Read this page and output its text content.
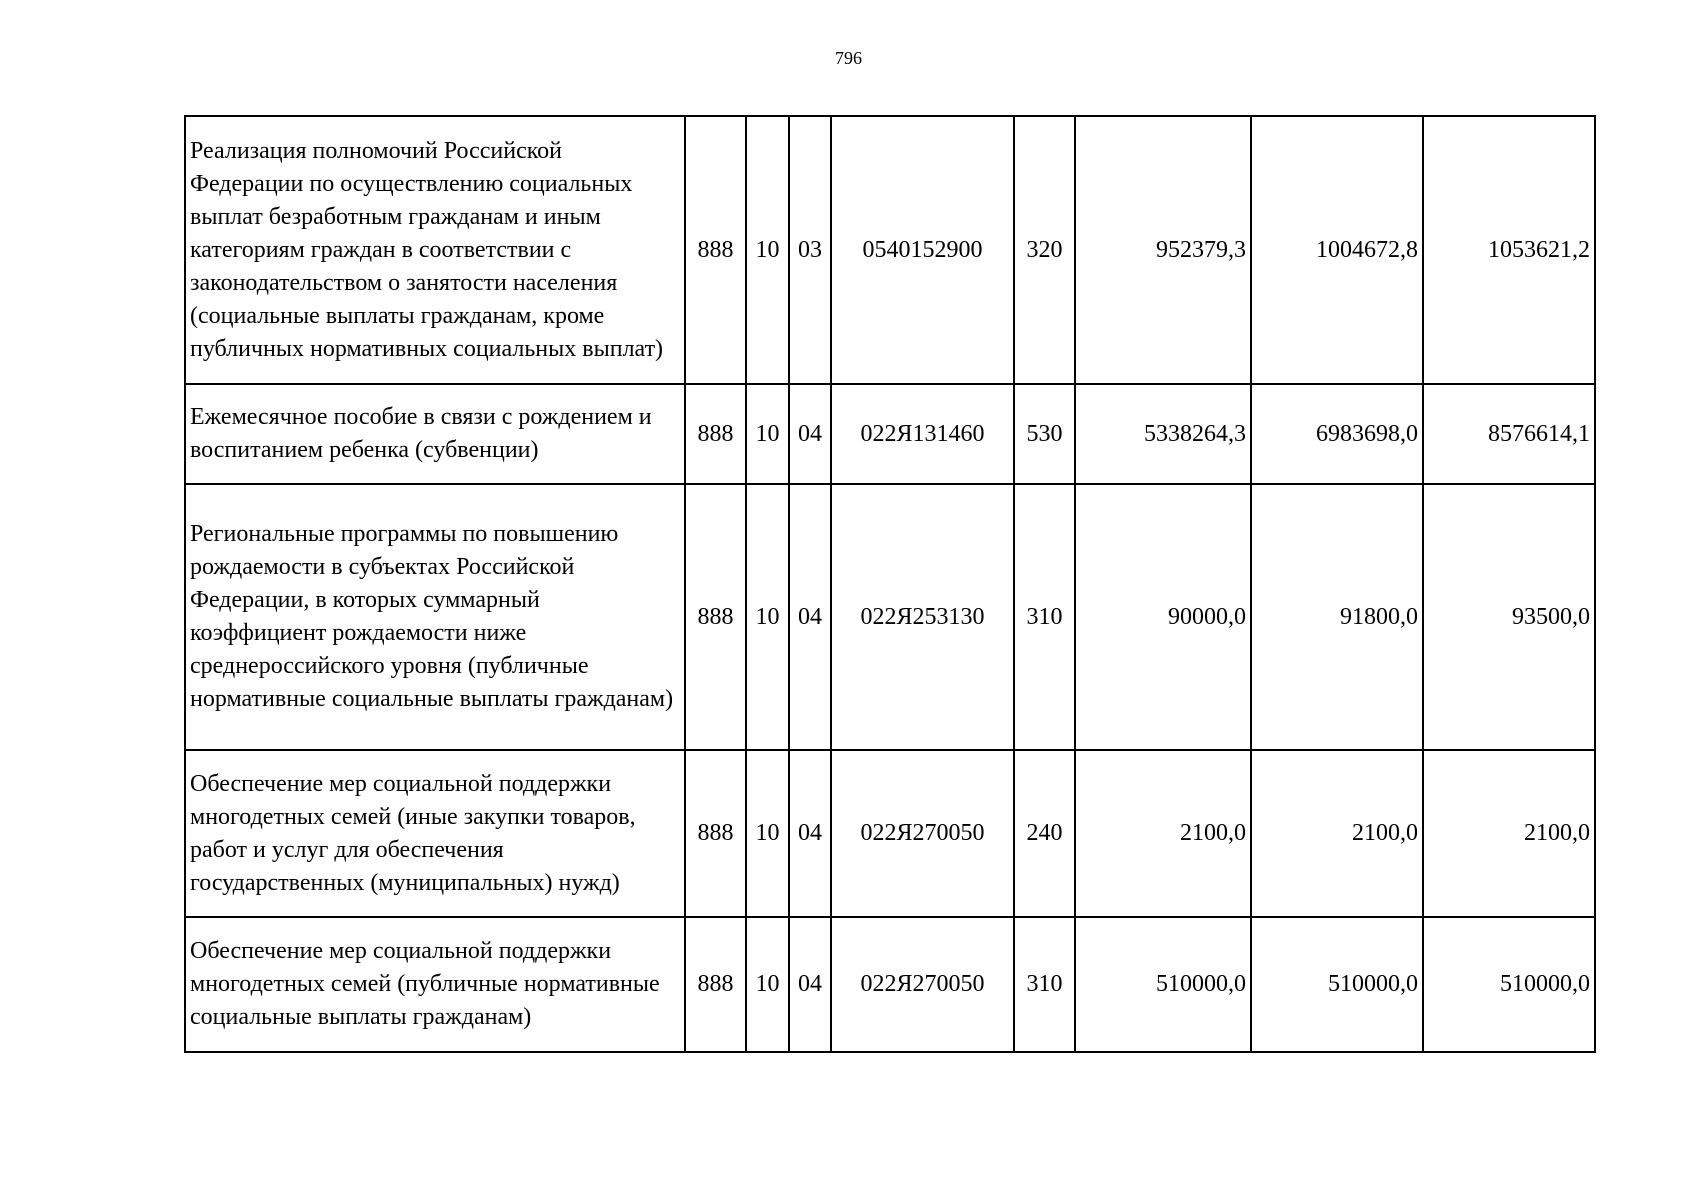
796
Реализация полномочий Российской Федерации по осуществлению социальных выплат безработным гражданам и иным категориям граждан в соответствии с законодательством о занятости населения (социальные выплаты гражданам, кроме публичных нормативных социальных выплат)	888	10	03	0540152900	320	952379,3	1004672,8	1053621,2
Ежемесячное пособие в связи с рождением и воспитанием ребенка (субвенции)	888	10	04	022Я131460	530	5338264,3	6983698,0	8576614,1
Региональные программы по повышению рождаемости в субъектах Российской Федерации, в которых суммарный коэффициент рождаемости ниже среднероссийского уровня (публичные нормативные социальные выплаты гражданам)	888	10	04	022Я253130	310	90000,0	91800,0	93500,0
Обеспечение мер социальной поддержки многодетных семей (иные закупки товаров, работ и услуг для обеспечения государственных (муниципальных) нужд)	888	10	04	022Я270050	240	2100,0	2100,0	2100,0
Обеспечение мер социальной поддержки многодетных семей (публичные нормативные социальные выплаты гражданам)	888	10	04	022Я270050	310	510000,0	510000,0	510000,0
